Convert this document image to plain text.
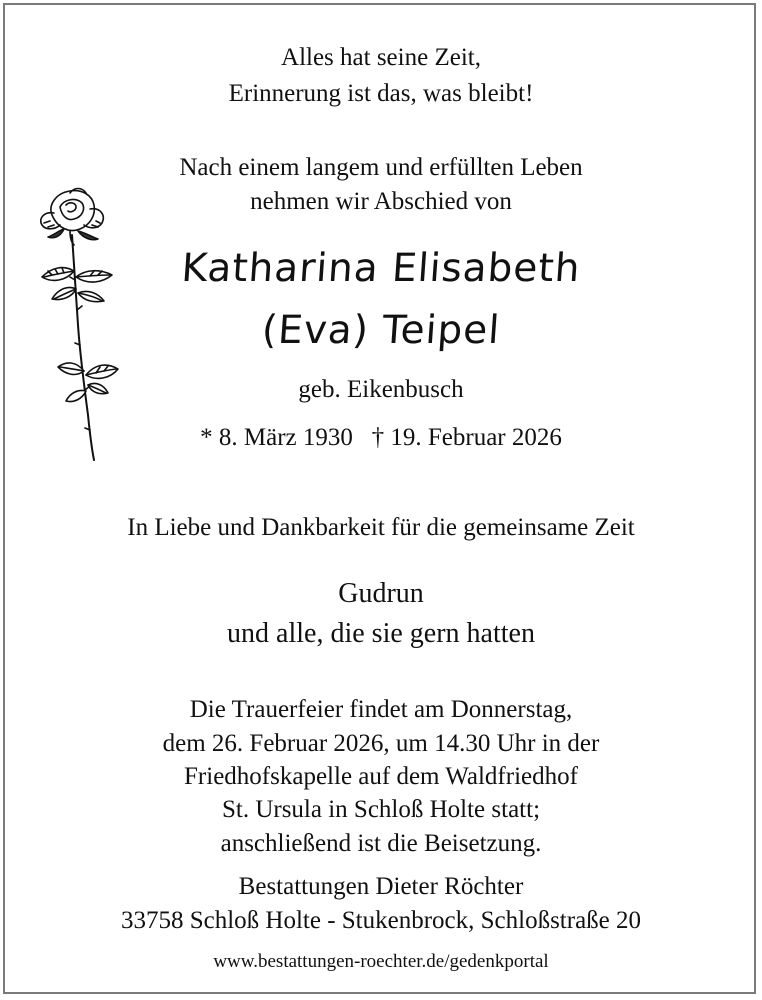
Alles hat seine Zeit,
Erinnerung ist das, was bleibt!
Nach einem langem und erfüllten Leben
nehmen wir Abschied von
Katharina Elisabeth
(Eva) Teipel
geb. Eikenbusch
* 8. März 1930   † 19. Februar 2026
In Liebe und Dankbarkeit für die gemeinsame Zeit
Gudrun
und alle, die sie gern hatten
Die Trauerfeier findet am Donnerstag,
dem 26. Februar 2026, um 14.30 Uhr in der
Friedhofskapelle auf dem Waldfriedhof
St. Ursula in Schloß Holte statt;
anschließend ist die Beisetzung.
Bestattungen Dieter Röchter
33758 Schloß Holte - Stukenbrock, Schloßstraße 20
www.bestattungen-roechter.de/gedenkportal
